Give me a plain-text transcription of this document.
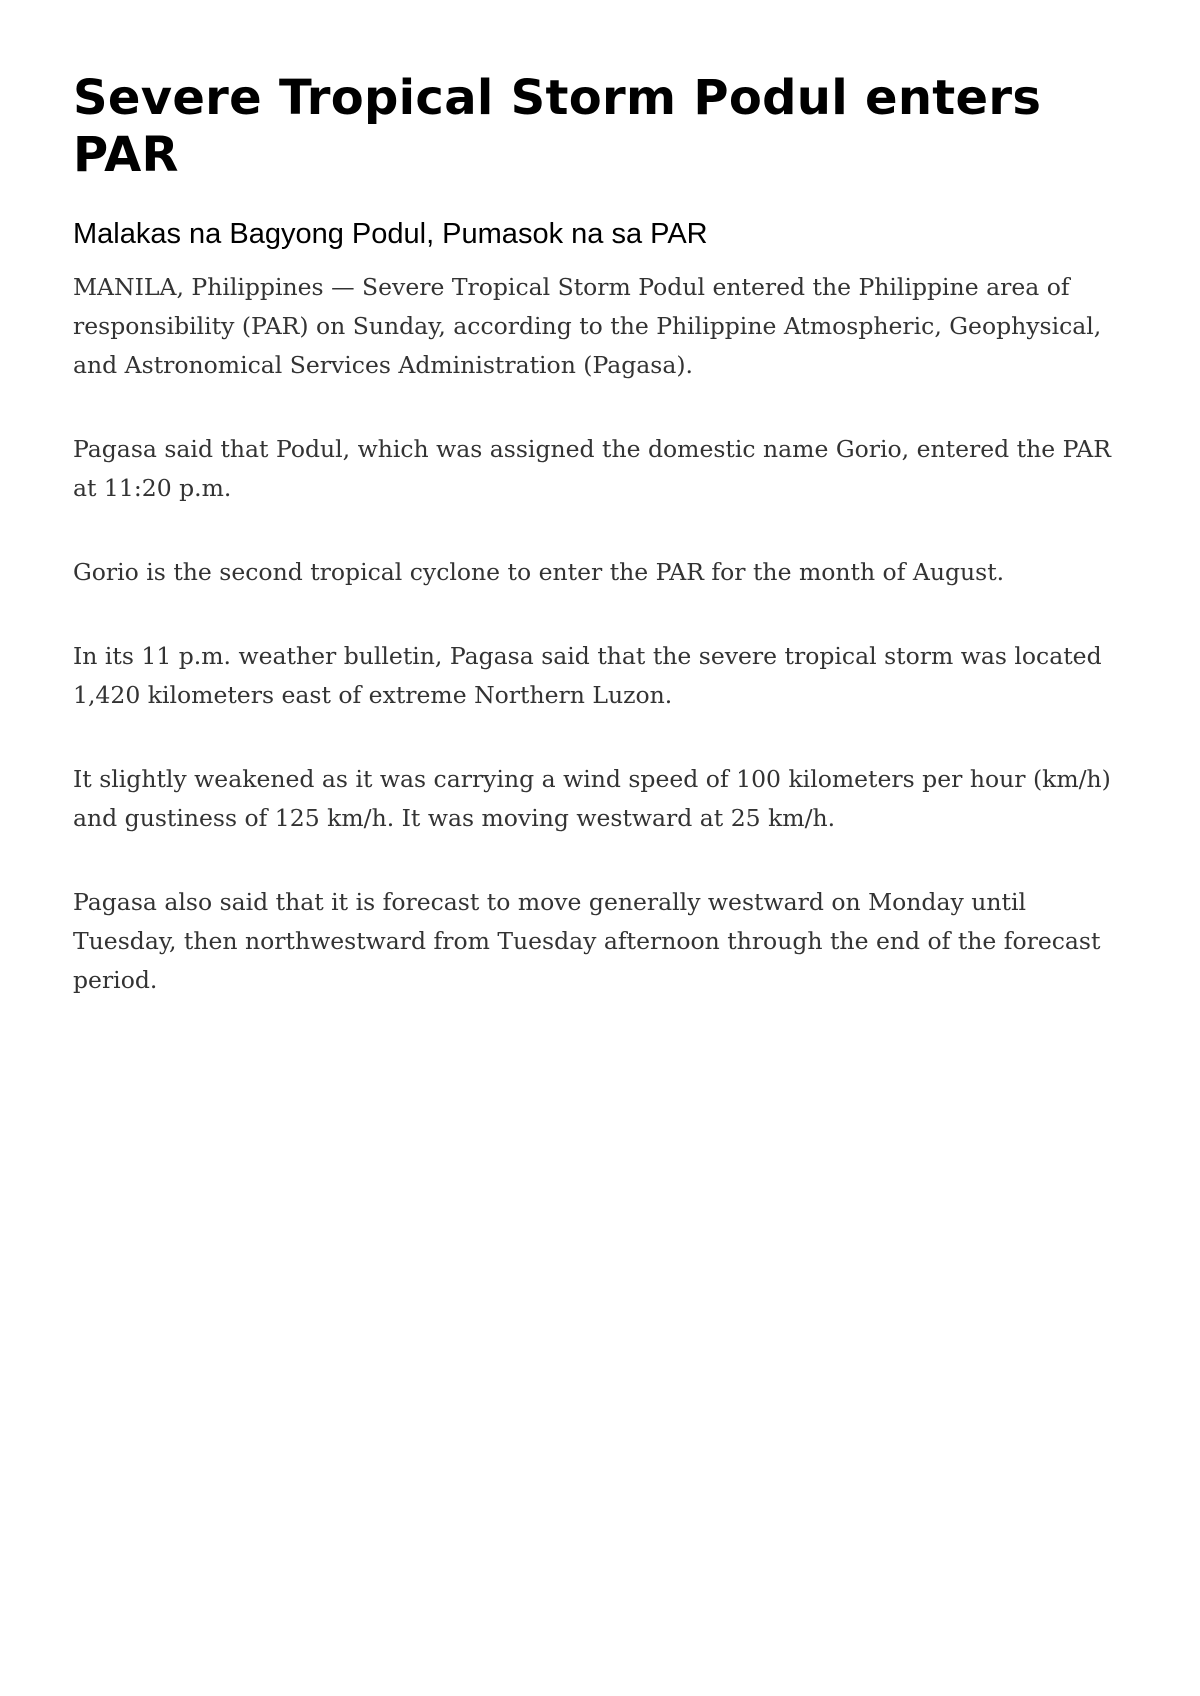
Severe Tropical Storm Podul enters PAR
Malakas na Bagyong Podul, Pumasok na sa PAR

MANILA, Philippines — Severe Tropical Storm Podul entered the Philippine area of responsibility (PAR) on Sunday, according to the Philippine Atmospheric, Geophysical, and Astronomical Services Administration (Pagasa).

Pagasa said that Podul, which was assigned the domestic name Gorio, entered the PAR at 11:20 p.m.

Gorio is the second tropical cyclone to enter the PAR for the month of August.

In its 11 p.m. weather bulletin, Pagasa said that the severe tropical storm was located 1,420 kilometers east of extreme Northern Luzon.

It slightly weakened as it was carrying a wind speed of 100 kilometers per hour (km/h) and gustiness of 125 km/h. It was moving westward at 25 km/h.

Pagasa also said that it is forecast to move generally westward on Monday until Tuesday, then northwestward from Tuesday afternoon through the end of the forecast period.
